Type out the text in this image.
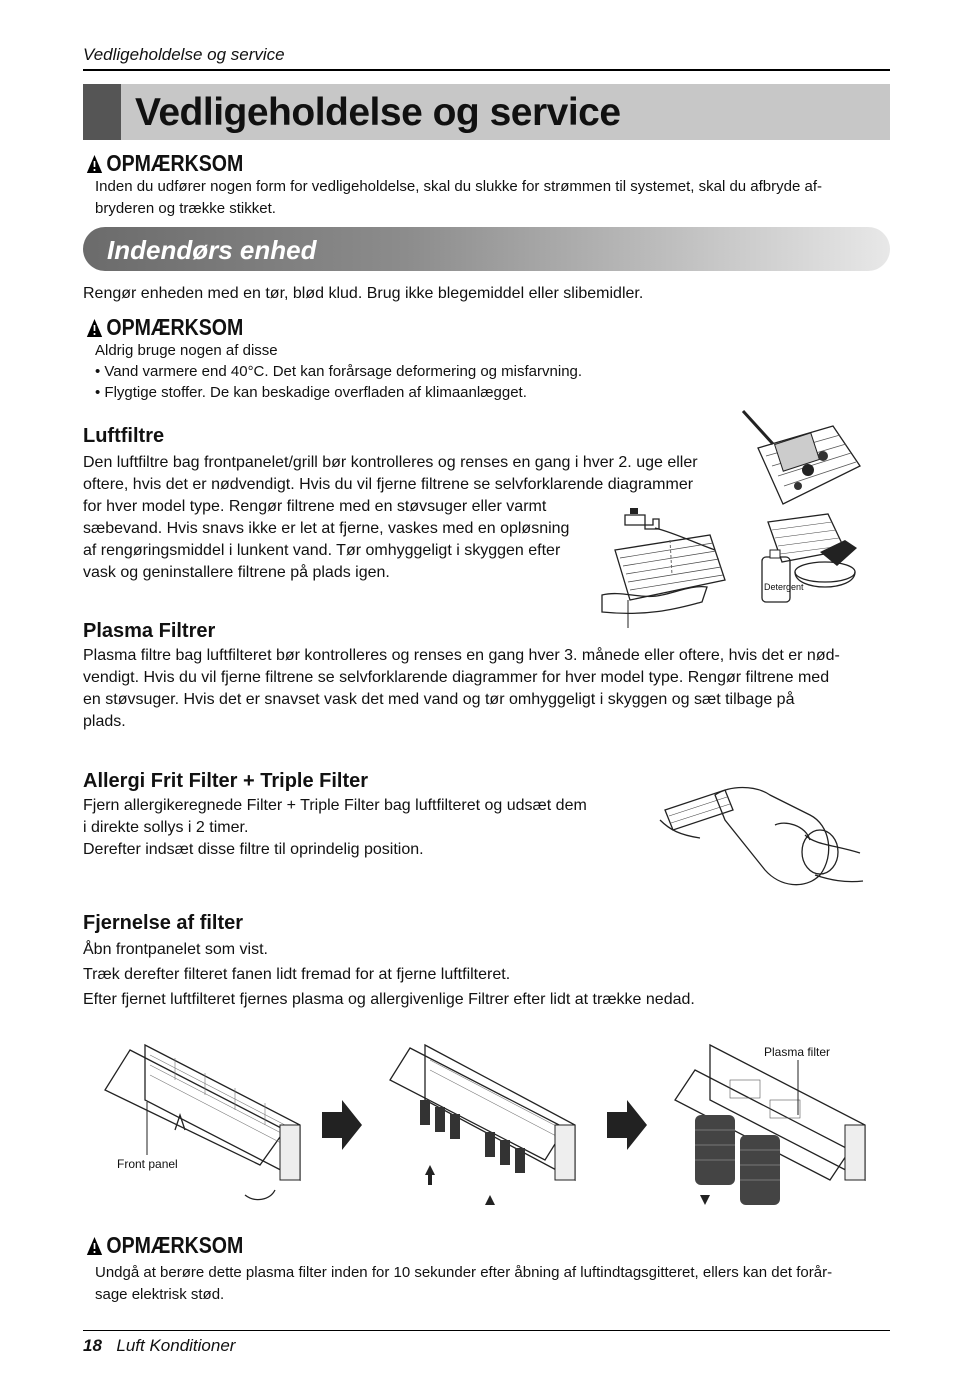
Vedligeholdelse og service
Vedligeholdelse og service
OPMÆRKSOM
Inden du udfører nogen form for vedligeholdelse, skal du slukke for strømmen til systemet, skal du afbryde af-
bryderen og trække stikket.
Indendørs enhed
Rengør enheden med en tør, blød klud. Brug ikke blegemiddel eller slibemidler.
OPMÆRKSOM
Aldrig bruge nogen af disse
• Vand varmere end 40°C. Det kan forårsage deformering og misfarvning.
• Flygtige stoffer. De kan beskadige overfladen af klimaanlægget.
Luftfiltre
Den luftfiltre bag frontpanelet/grill bør kontrolleres og renses en gang i hver 2. uge eller
oftere, hvis det er nødvendigt. Hvis du vil fjerne filtrene se selvforklarende diagrammer
for hver model type. Rengør filtrene med en støvsuger eller varmt
sæbevand. Hvis snavs ikke er let at fjerne, vaskes med en opløsning
af rengøringsmiddel i lunkent vand. Tør omhyggeligt i skyggen efter
vask og geninstallere filtrene på plads igen.
Detergent
Plasma Filtrer
Plasma filtre bag luftfilteret bør kontrolleres og renses en gang hver 3. månede eller oftere, hvis det er nød-
vendigt. Hvis du vil fjerne filtrene se selvforklarende diagrammer for hver model type. Rengør filtrene med
en støvsuger. Hvis det er snavset vask det med vand og tør omhyggeligt i skyggen og sæt tilbage på
plads.
Allergi Frit Filter + Triple Filter
Fjern allergikeregnede Filter + Triple Filter bag luftfilteret og udsæt dem
i direkte sollys i 2 timer.
Derefter indsæt disse filtre til oprindelig position.
Fjernelse af filter
Åbn frontpanelet som vist.
Træk derefter filteret fanen lidt fremad for at fjerne luftfilteret.
Efter fjernet luftfilteret fjernes plasma og allergivenlige Filtrer efter lidt at trække nedad.
Front panel
Plasma filter
OPMÆRKSOM
Undgå at berøre dette plasma filter inden for 10 sekunder efter åbning af luftindtagsgitteret, ellers kan det forår-
sage elektrisk stød.
18 Luft Konditioner
